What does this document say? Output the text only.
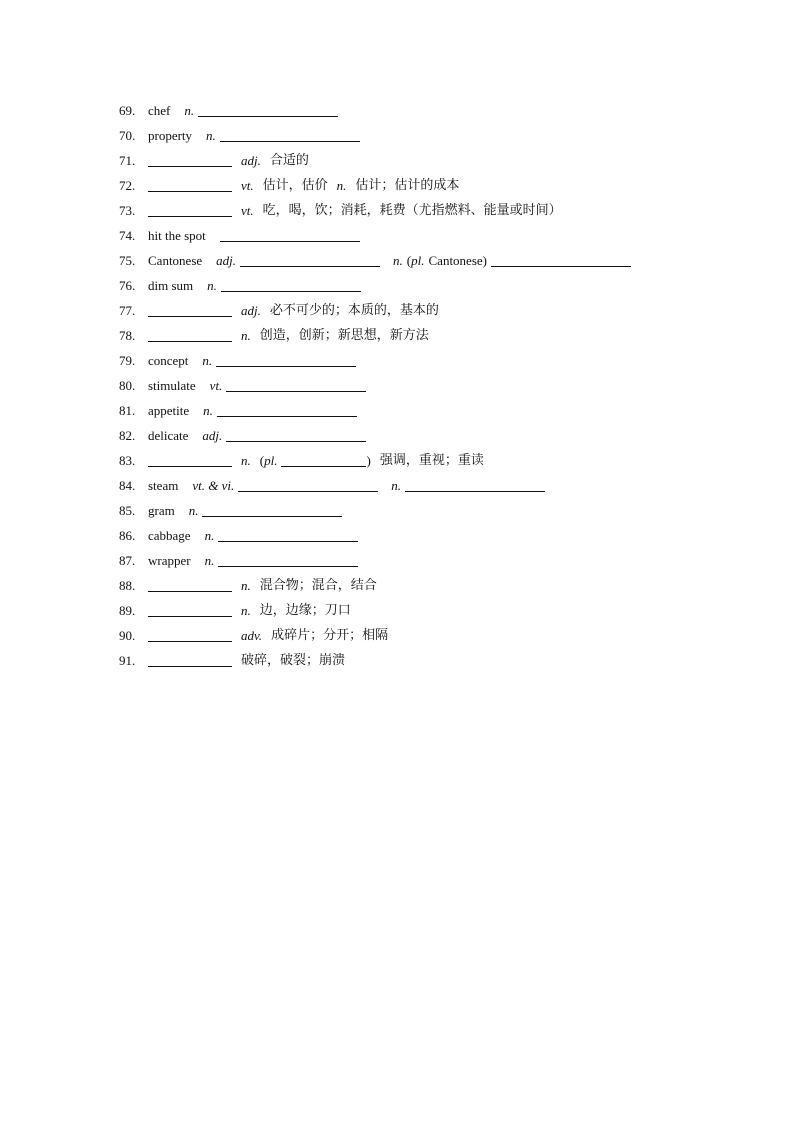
69. chef n.
70. property n.
71.	adj. 合适的
72.	vt. 估计，估价 n. 估计；估计的成本
73.	vt. 吃，喝，饮；消耗，耗费（尤指燃料、能量或时间）
74. hit the spot
75. Cantonese adj.	n. ( pl. Cantonese)
76. dim sum n.
77.	adj. 必不可少的；本质的，基本的
78.	n. 创造，创新；新思想，新方法
79. concept n.
80. stimulate vt.
81. appetite n.
82. delicate adj.
83.	n. ( pl.	) 强调，重视；重读
84. steam vt. & vi.	n.
85. gram n.
86. cabbage n.
87. wrapper n.
88.	n. 混合物；混合，结合
89.	n. 边，边缘；刀口
90.	adv. 成碎片；分开；相隔
91.	破碎，破裂；崩溃
